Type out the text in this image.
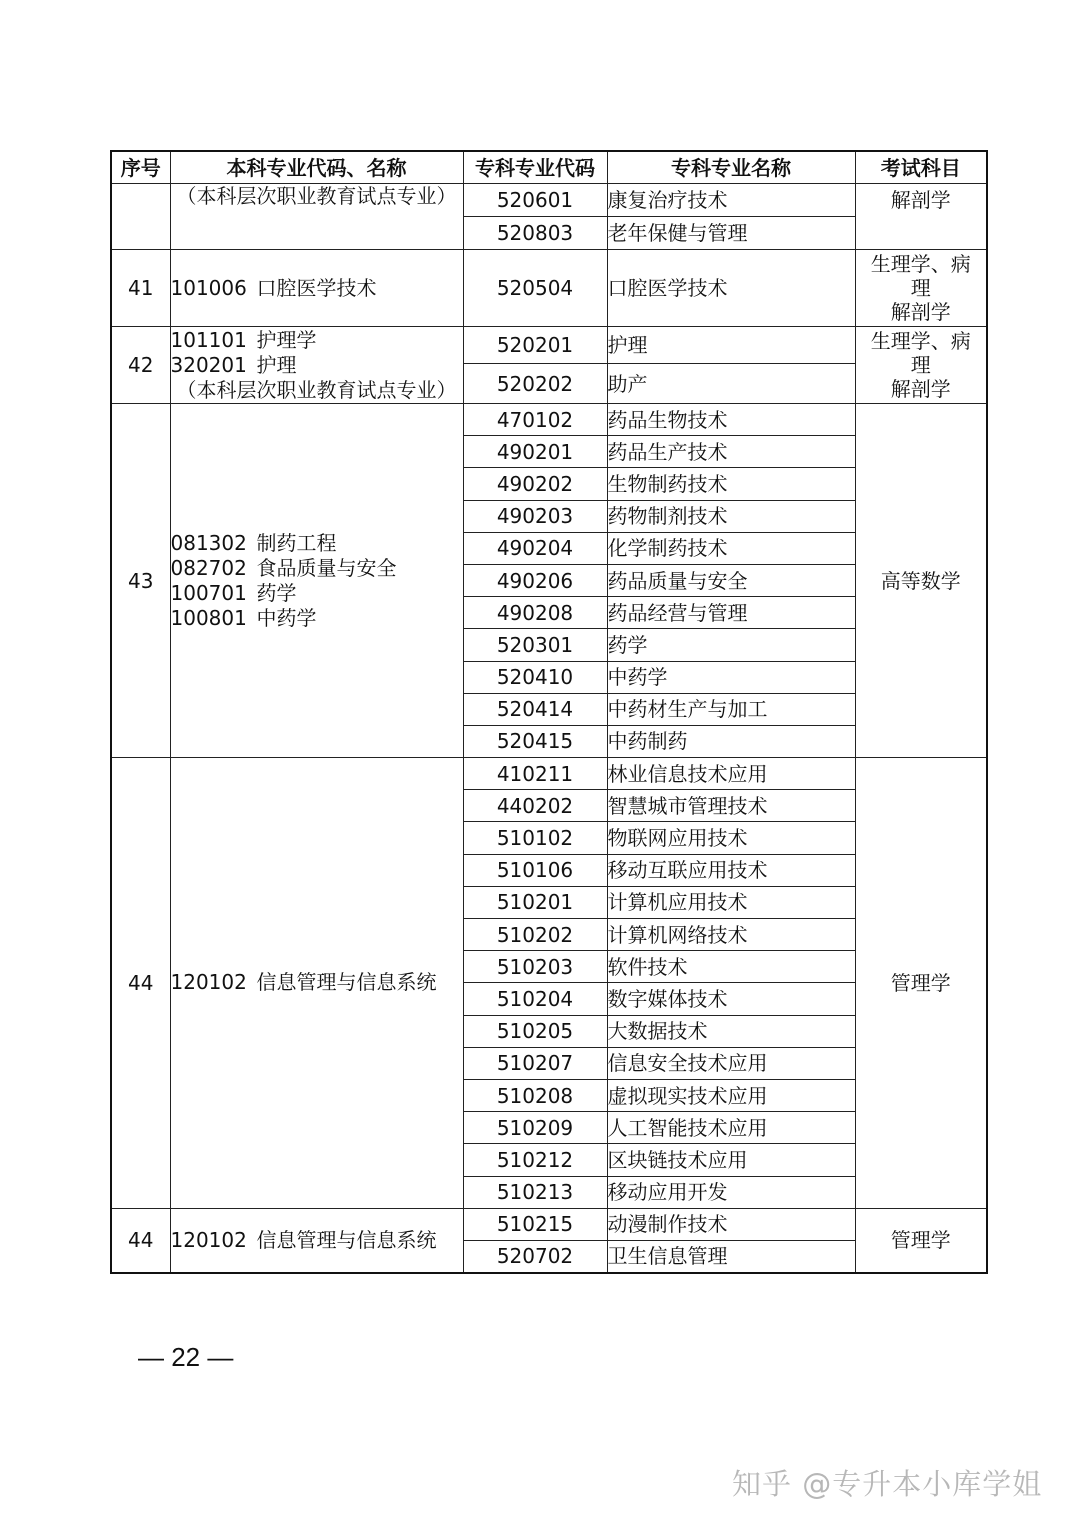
序号	本科专业代码、名称	专科专业代码	专科专业名称	考试科目

	（本科层次职业教育试点专业）	520601	康复治疗技术	解剖学
		520803	老年保健与管理	
41	101006 口腔医学技术	520504	口腔医学技术	生理学、病
理
解剖学

42	101101 护理学
320201 护理
（本科层次职业教育试点专业）	520201	护理	生理学、病
理
解剖学

		520202	助产	
43	081302 制药工程
082702 食品质量与安全
100701 药学
100801 中药学	470102	药品生物技术	高等数学
		490201	药品生产技术	
		490202	生物制药技术	
		490203	药物制剂技术	
		490204	化学制药技术	
		490206	药品质量与安全	
		490208	药品经营与管理	
		520301	药学	
		520410	中药学	
		520414	中药材生产与加工	
		520415	中药制药	
44	120102 信息管理与信息系统	410211	林业信息技术应用	管理学
		440202	智慧城市管理技术	
		510102	物联网应用技术	
		510106	移动互联应用技术	
		510201	计算机应用技术	
		510202	计算机网络技术	
		510203	软件技术	
		510204	数字媒体技术	
		510205	大数据技术	
		510207	信息安全技术应用	
		510208	虚拟现实技术应用	
		510209	人工智能技术应用	
		510212	区块链技术应用	
		510213	移动应用开发	
44	120102 信息管理与信息系统	510215	动漫制作技术	管理学
		520702	卫生信息管理	
— 22 —
知乎 @专升本小库学姐
